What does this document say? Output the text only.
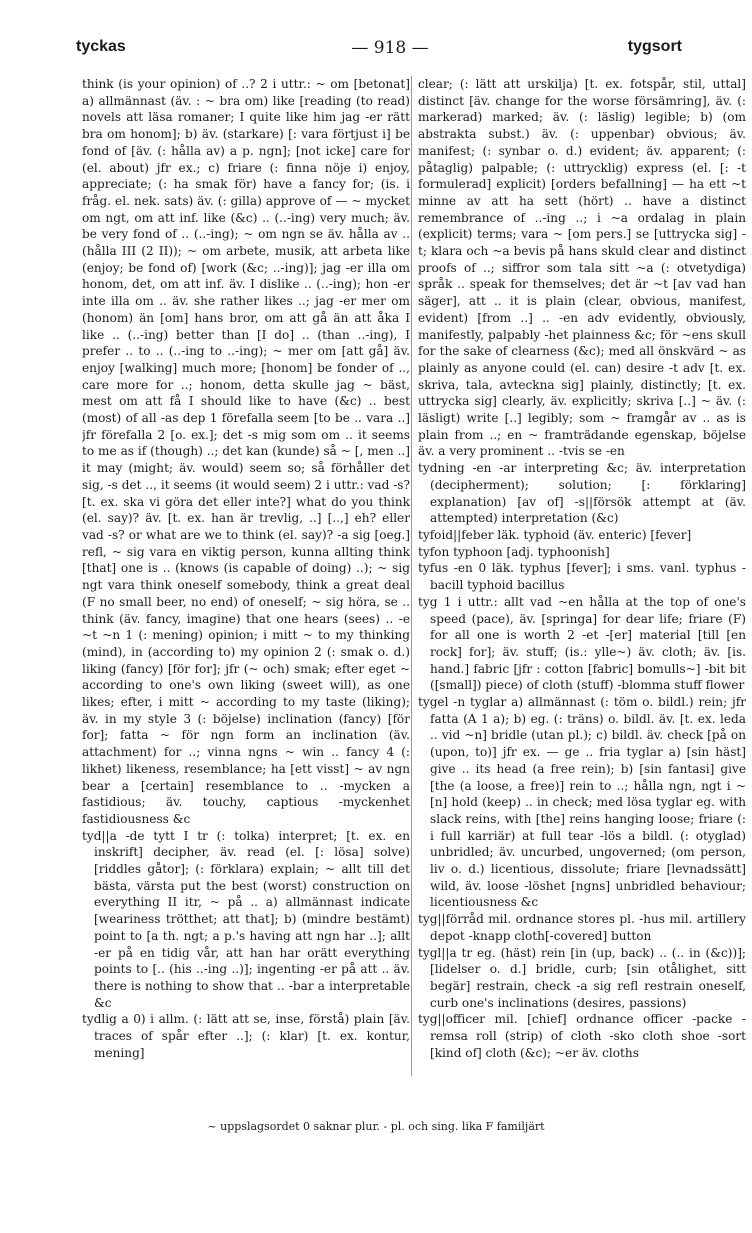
tyckas	— 918 —	tygsort

think (is your opinion) of ..? 2 i uttr.: ~ om [betonat] a) allmännast (äv. : ~ bra om) like [reading (to read) novels att läsa romaner; I quite like him jag -er rätt bra om honom]; b) äv. (starkare) [: vara förtjust i] be fond of [äv. (: hålla av) a p. ngn]; [not icke] care for (el. about) jfr ex.; c) friare (: finna nöje i) enjoy, appreciate; (: ha smak för) have a fancy for; (is. i fråg. el. nek. sats) äv. (: gilla) approve of — ~ mycket om ngt, om att inf. like (&c) .. (..-ing) very much; äv. be very fond of .. (..-ing); ~ om ngn se äv. hålla av .. (hålla III (2 II)); ~ om arbete, musik, att arbeta like (enjoy; be fond of) [work (&c; ..-ing)]; jag -er illa om honom, det, om att inf. äv. I dislike .. (..-ing); hon -er inte illa om .. äv. she rather likes ..; jag -er mer om (honom) än [om] hans bror, om att gå än att åka I like .. (..-ing) better than [I do] .. (than ..-ing), I prefer .. to .. (..-ing to ..-ing); ~ mer om [att gå] äv. enjoy [walking] much more; [honom] be fonder of .., care more for ..; honom, detta skulle jag ~ bäst, mest om att få I should like to have (&c) .. best (most) of all -as dep 1 förefalla seem [to be .. vara ..] jfr förefalla 2 [o. ex.]; det -s mig som om .. it seems to me as if (though) ..; det kan (kunde) så ~ [, men ..] it may (might; äv. would) seem so; så förhåller det sig, -s det .., it seems (it would seem) 2 i uttr.: vad -s? [t. ex. ska vi göra det eller inte?] what do you think (el. say)? äv. [t. ex. han är trevlig, ..] [..,] eh? eller vad -s? or what are we to think (el. say)? -a sig [oeg.] refl, ~ sig vara en viktig person, kunna allting think [that] one is .. (knows (is capable of doing) ..); ~ sig ngt vara think oneself somebody, think a great deal (F no small beer, no end) of oneself; ~ sig höra, se .. think (äv. fancy, imagine) that one hears (sees) .. -e ~t ~n 1 (: mening) opinion; i mitt ~ to my thinking (mind), in (according to) my opinion 2 (: smak o. d.) liking (fancy) [för for]; jfr (~ och) smak; efter eget ~ according to one's own liking (sweet will), as one likes; efter, i mitt ~ according to my taste (liking); äv. in my style 3 (: böjelse) inclination (fancy) [för for]; fatta ~ för ngn form an inclination (äv. attachment) for ..; vinna ngns ~ win .. fancy 4 (: likhet) likeness, resemblance; ha [ett visst] ~ av ngn bear a [certain] resemblance to .. -mycken a fastidious; äv. touchy, captious -myckenhet fastidiousness &c

tyd||a -de tytt I tr (: tolka) interpret; [t. ex. en inskrift] decipher, äv. read (el. [: lösa] solve) [riddles gåtor]; (: förklara) explain; ~ allt till det bästa, värsta put the best (worst) construction on everything II itr, ~ på .. a) allmännast indicate [weariness trötthet; att that]; b) (mindre bestämt) point to [a th. ngt; a p.'s having att ngn har ..]; allt -er på en tidig vår, att han har orätt everything points to [.. (his ..-ing ..)]; ingenting -er på att .. äv. there is nothing to show that .. -bar a interpretable &c

tydlig a 0) i allm. (: lätt att se, inse, förstå) plain [äv. traces of spår efter ..]; (: klar) [t. ex. kontur, mening]

clear; (: lätt att urskilja) [t. ex. fotspår, stil, uttal] distinct [äv. change for the worse försämring], äv. (: markerad) marked; äv. (: läslig) legible; b) (om abstrakta subst.) äv. (: uppenbar) obvious; äv. manifest; (: synbar o. d.) evident; äv. apparent; (: påtaglig) palpable; (: uttrycklig) express (el. [: -t formulerad] explicit) [orders befallning] — ha ett ~t minne av att ha sett (hört) .. have a distinct remembrance of ..-ing ..; i ~a ordalag in plain (explicit) terms; vara ~ [om pers.] se [uttrycka sig] -t; klara och ~a bevis på hans skuld clear and distinct proofs of ..; siffror som tala sitt ~a (: otvetydiga) språk .. speak for themselves; det är ~t [av vad han säger], att .. it is plain (clear, obvious, manifest, evident) [from ..] .. -en adv evidently, obviously, manifestly, palpably -het plainness &c; för ~ens skull for the sake of clearness (&c); med all önskvärd ~ as plainly as anyone could (el. can) desire -t adv [t. ex. skriva, tala, avteckna sig] plainly, distinctly; [t. ex. uttrycka sig] clearly, äv. explicitly; skriva [..] ~ äv. (: läsligt) write [..] legibly; som ~ framgår av .. as is plain from ..; en ~ framträdande egenskap, böjelse äv. a very prominent .. -tvis se -en

tydning -en -ar interpreting &c; äv. interpretation (decipherment); solution; [: förklaring] explanation) [av of] -s||försök attempt at (äv. attempted) interpretation (&c)

tyfoid||feber läk. typhoid (äv. enteric) [fever]

tyfon typhoon [adj. typhoonish]

tyfus -en 0 läk. typhus [fever]; i sms. vanl. typhus -bacill typhoid bacillus

tyg 1 i uttr.: allt vad ~en hålla at the top of one's speed (pace), äv. [springa] for dear life; friare (F) for all one is worth 2 -et -[er] material [till [en rock] for]; äv. stuff; (is.: ylle~) äv. cloth; äv. [is. hand.] fabric [jfr : cotton [fabric] bomulls~] -bit bit ([small]) piece) of cloth (stuff) -blomma stuff flower

tygel -n tyglar a) allmännast (: töm o. bildl.) rein; jfr fatta (A 1 a); b) eg. (: träns) o. bildl. äv. [t. ex. leda .. vid ~n] bridle (utan pl.); c) bildl. äv. check [på on (upon, to)] jfr ex. — ge .. fria tyglar a) [sin häst] give .. its head (a free rein); b) [sin fantasi] give [the (a loose, a free)] rein to ..; hålla ngn, ngt i ~[n] hold (keep) .. in check; med lösa tyglar eg. with slack reins, with [the] reins hanging loose; friare (: i full karriär) at full tear -lös a bildl. (: otyglad) unbridled; äv. uncurbed, ungoverned; (om person, liv o. d.) licentious, dissolute; friare [levnadssätt] wild, äv. loose -löshet [ngns] unbridled behaviour; licentiousness &c

tyg||förråd mil. ordnance stores pl. -hus mil. artillery depot -knapp cloth[-covered] button

tygl||a tr eg. (häst) rein [in (up, back) .. (.. in (&c))]; [lidelser o. d.] bridle, curb; [sin otålighet, sitt begär] restrain, check -a sig refl restrain oneself, curb one's inclinations (desires, passions)

tyg||officer mil. [chief] ordnance officer -packe -remsa roll (strip) of cloth -sko cloth shoe -sort [kind of] cloth (&c); ~er äv. cloths

~ uppslagsordet 0 saknar plur. - pl. och sing. lika F familjärt
